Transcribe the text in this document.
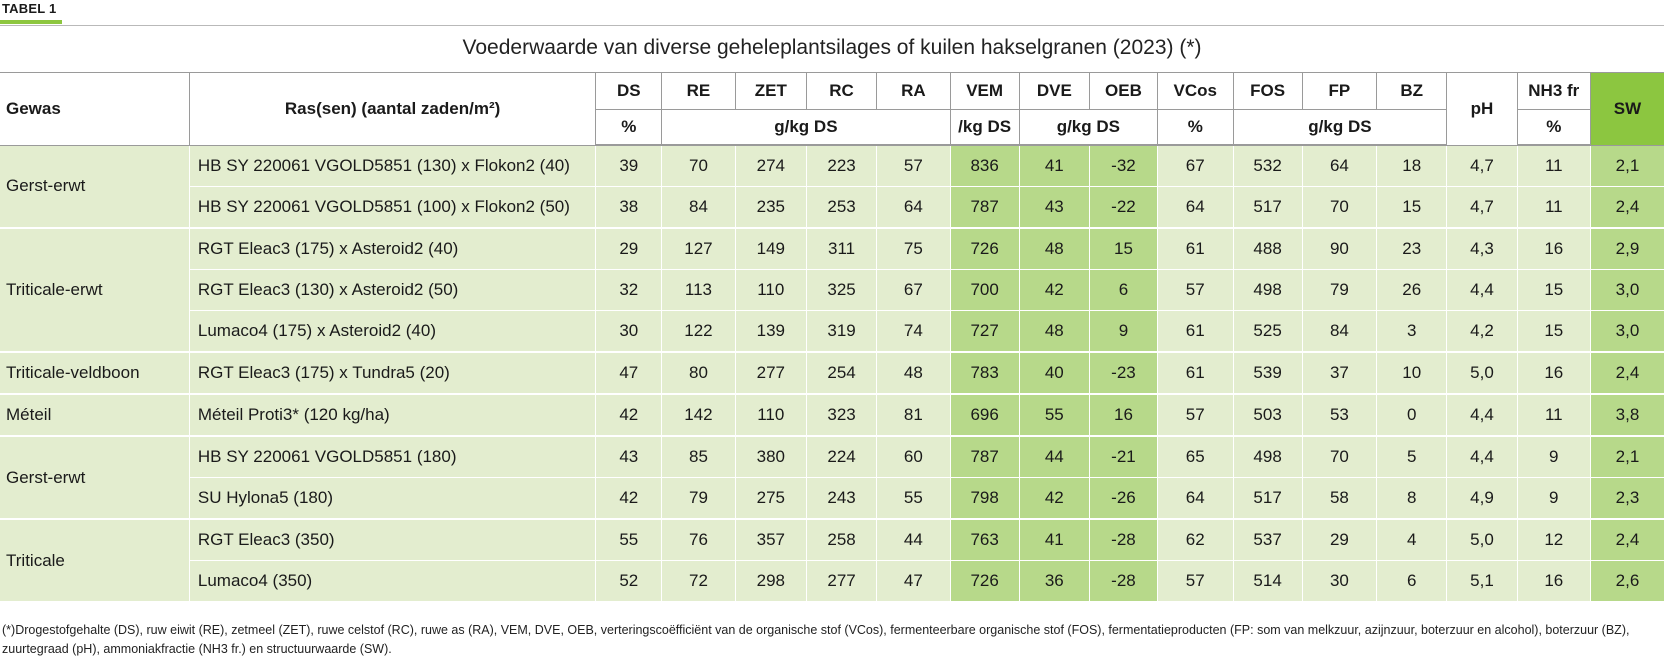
TABEL 1
Voederwaarde van diverse geheleplantsilages of kuilen hakselgranen (2023) (*)
Gewas	Ras(sen) (aantal zaden/m²)	DS	RE	ZET	RC	RA	VEM	DVE	OEB	VCos	FOS	FP	BZ	pH	NH3 fr	SW
		%	g/kg DS				/kg DS	g/kg DS		%	g/kg DS				%	
Gerst-erwt	HB SY 220061 VGOLD5851 (130) x Flokon2 (40)	39	70	274	223	57	836	41	-32	67	532	64	18	4,7	11	2,1
	HB SY 220061 VGOLD5851 (100) x Flokon2 (50)	38	84	235	253	64	787	43	-22	64	517	70	15	4,7	11	2,4
Triticale-erwt	RGT Eleac3 (175) x Asteroid2 (40)	29	127	149	311	75	726	48	15	61	488	90	23	4,3	16	2,9
	RGT Eleac3 (130) x Asteroid2 (50)	32	113	110	325	67	700	42	6	57	498	79	26	4,4	15	3,0
	Lumaco4 (175) x Asteroid2 (40)	30	122	139	319	74	727	48	9	61	525	84	3	4,2	15	3,0
Triticale-veldboon	RGT Eleac3 (175) x Tundra5 (20)	47	80	277	254	48	783	40	-23	61	539	37	10	5,0	16	2,4
Méteil	Méteil Proti3* (120 kg/ha)	42	142	110	323	81	696	55	16	57	503	53	0	4,4	11	3,8
Gerst-erwt	HB SY 220061 VGOLD5851 (180)	43	85	380	224	60	787	44	-21	65	498	70	5	4,4	9	2,1
	SU Hylona5 (180)	42	79	275	243	55	798	42	-26	64	517	58	8	4,9	9	2,3
Triticale	RGT Eleac3 (350)	55	76	357	258	44	763	41	-28	62	537	29	4	5,0	12	2,4
	Lumaco4 (350)	52	72	298	277	47	726	36	-28	57	514	30	6	5,1	16	2,6
(*)Drogestofgehalte (DS), ruw eiwit (RE), zetmeel (ZET), ruwe celstof (RC), ruwe as (RA), VEM, DVE, OEB, verteringscoëfficiënt van de organische stof (VCos), fermenteerbare organische stof (FOS), fermentatieproducten (FP: som van melkzuur, azijnzuur, boterzuur en alcohol), boterzuur (BZ), zuurtegraad (pH), ammoniakfractie (NH3 fr.) en structuurwaarde (SW).
